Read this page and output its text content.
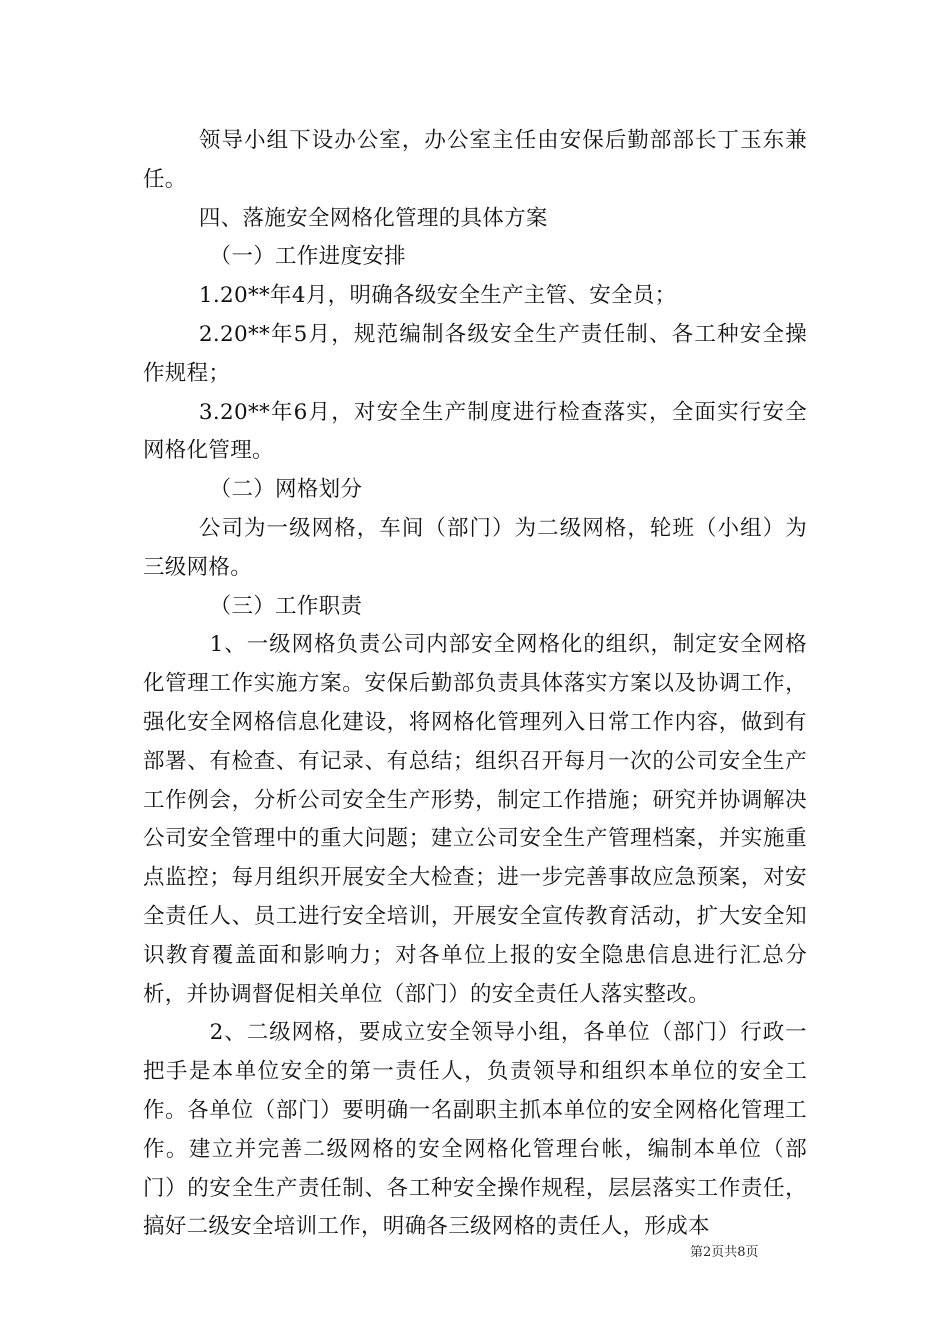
领导小组下设办公室，办公室主任由安保后勤部部长丁玉东兼任。

四、落施安全网格化管理的具体方案

（一）工作进度安排

1.20**年4月，明确各级安全生产主管、安全员；

2.20**年5月，规范编制各级安全生产责任制、各工种安全操作规程；

3.20**年6月，对安全生产制度进行检查落实，全面实行安全网格化管理。

（二）网格划分

公司为一级网格，车间（部门）为二级网格，轮班（小组）为三级网格。

（三）工作职责

1、一级网格负责公司内部安全网格化的组织，制定安全网格化管理工作实施方案。安保后勤部负责具体落实方案以及协调工作，强化安全网格信息化建设，将网格化管理列入日常工作内容，做到有部署、有检查、有记录、有总结；组织召开每月一次的公司安全生产工作例会，分析公司安全生产形势，制定工作措施；研究并协调解决公司安全管理中的重大问题；建立公司安全生产管理档案，并实施重点监控；每月组织开展安全大检查；进一步完善事故应急预案，对安全责任人、员工进行安全培训，开展安全宣传教育活动，扩大安全知识教育覆盖面和影响力；对各单位上报的安全隐患信息进行汇总分析，并协调督促相关单位（部门）的安全责任人落实整改。

2、二级网格，要成立安全领导小组，各单位（部门）行政一把手是本单位安全的第一责任人，负责领导和组织本单位的安全工作。各单位（部门）要明确一名副职主抓本单位的安全网格化管理工作。建立并完善二级网格的安全网格化管理台帐，编制本单位（部门）的安全生产责任制、各工种安全操作规程，层层落实工作责任，搞好二级安全培训工作，明确各三级网格的责任人，形成本

第2页共8页
